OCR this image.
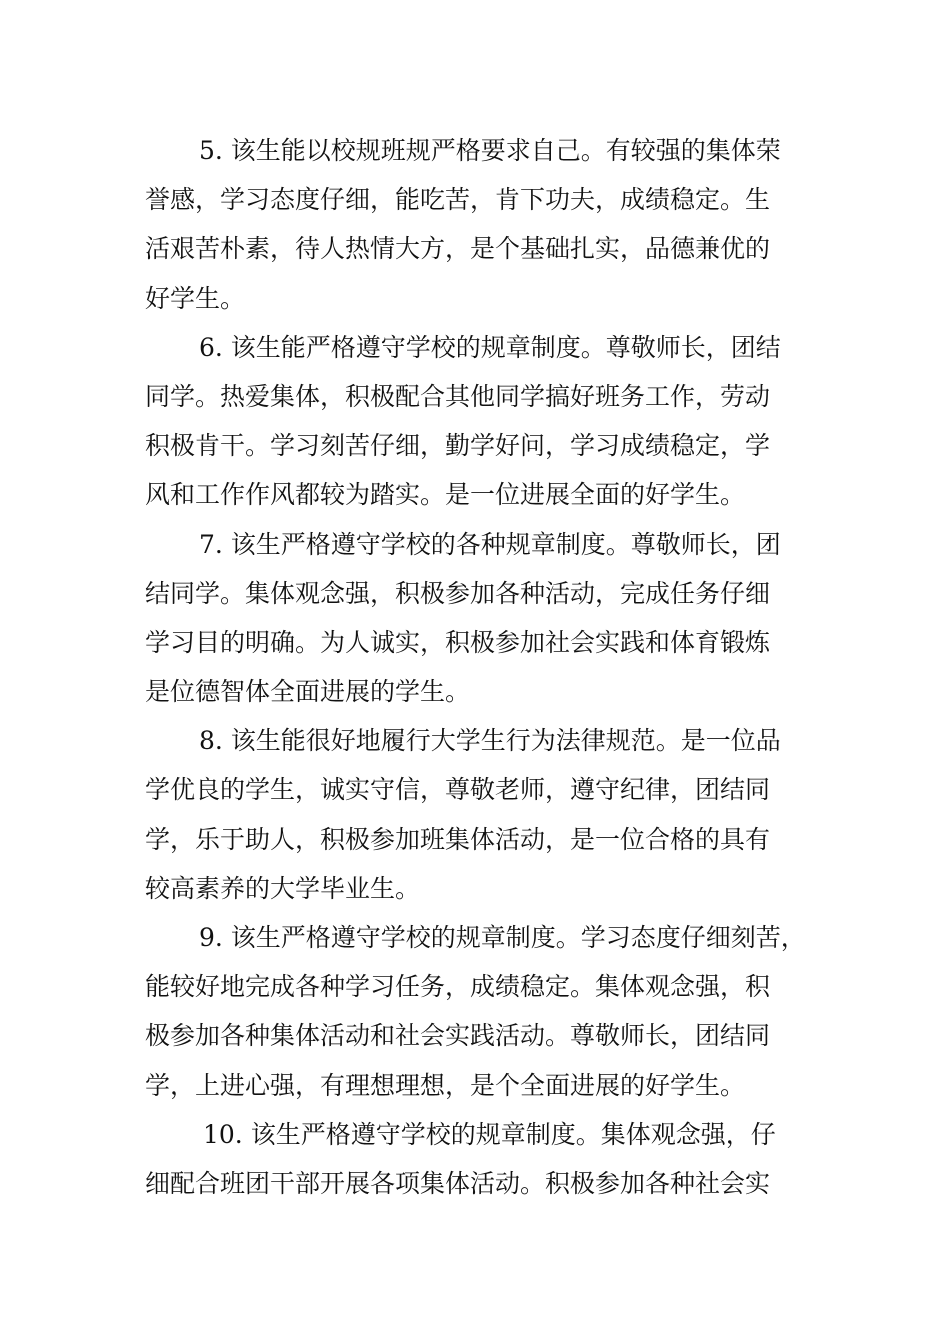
5. 该生能以校规班规严格要求自己。有较强的集体荣
誉感，学习态度仔细，能吃苦，肯下功夫，成绩稳定。生
活艰苦朴素，待人热情大方，是个基础扎实，品德兼优的
好学生。
6. 该生能严格遵守学校的规章制度。尊敬师长，团结
同学。热爱集体，积极配合其他同学搞好班务工作，劳动
积极肯干。学习刻苦仔细，勤学好问，学习成绩稳定，学
风和工作作风都较为踏实。是一位进展全面的好学生。
7. 该生严格遵守学校的各种规章制度。尊敬师长，团
结同学。集体观念强，积极参加各种活动，完成任务仔细
学习目的明确。为人诚实，积极参加社会实践和体育锻炼
是位德智体全面进展的学生。
8. 该生能很好地履行大学生行为法律规范。是一位品
学优良的学生，诚实守信，尊敬老师，遵守纪律，团结同
学，乐于助人，积极参加班集体活动，是一位合格的具有
较高素养的大学毕业生。
9. 该生严格遵守学校的规章制度。学习态度仔细刻苦，
能较好地完成各种学习任务，成绩稳定。集体观念强，积
极参加各种集体活动和社会实践活动。尊敬师长，团结同
学，上进心强，有理想理想，是个全面进展的好学生。
10. 该生严格遵守学校的规章制度。集体观念强，仔
细配合班团干部开展各项集体活动。积极参加各种社会实
